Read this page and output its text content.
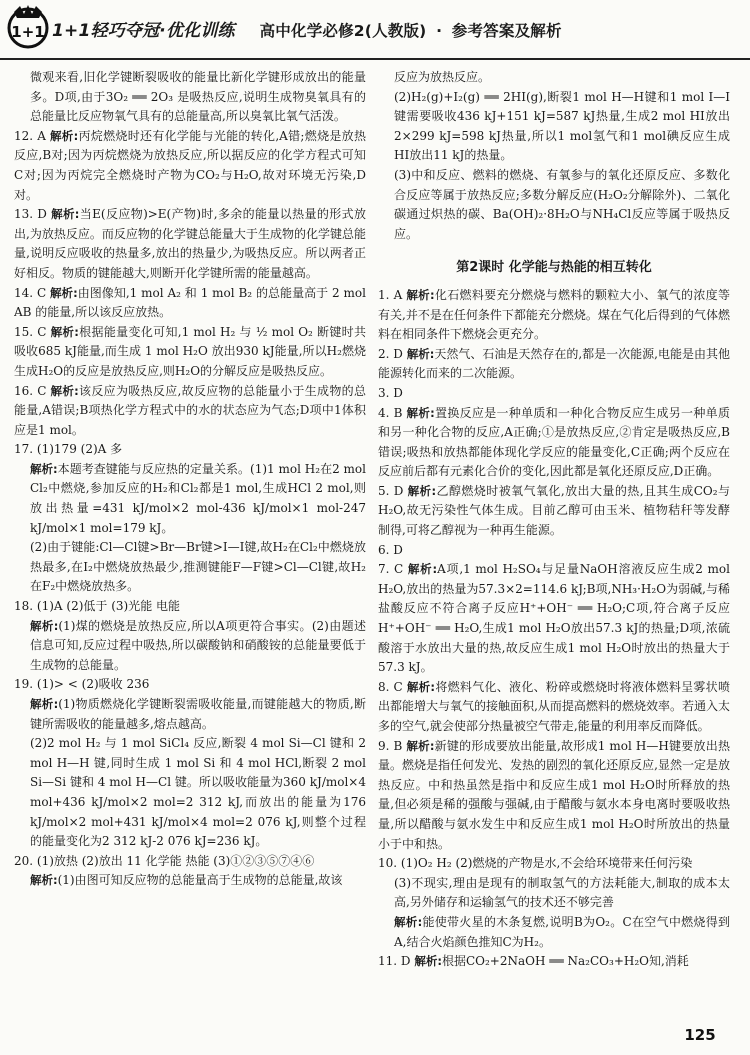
1+1 1+1轻巧夺冠·优化训练 高中化学必修2(人教版) · 参考答案及解析

微观来看,旧化学键断裂吸收的能量比新化学键形成放出的能量多。D项,由于3O₂ ══ 2O₃ 是吸热反应,说明生成物臭氧具有的总能量比反应物氧气具有的总能量高,所以臭氧比氧气活泼。

12. A 解析:丙烷燃烧时还有化学能与光能的转化,A错;燃烧是放热反应,B对;因为丙烷燃烧为放热反应,所以据反应的化学方程式可知C对;因为丙烷完全燃烧时产物为CO₂与H₂O,故对环境无污染,D对。

13. D 解析:当E(反应物)>E(产物)时,多余的能量以热量的形式放出,为放热反应。而反应物的化学键总能量大于生成物的化学键总能量,说明反应吸收的热量多,放出的热量少,为吸热反应。所以两者正好相反。物质的键能越大,则断开化学键所需的能量越高。

14. C 解析:由图像知,1 mol A₂ 和 1 mol B₂ 的总能量高于 2 mol AB 的能量,所以该反应放热。

15. C 解析:根据能量变化可知,1 mol H₂ 与 ½ mol O₂ 断键时共吸收685 kJ能量,而生成 1 mol H₂O 放出930 kJ能量,所以H₂燃烧生成H₂O的反应是放热反应,则H₂O的分解反应是吸热反应。

16. C 解析:该反应为吸热反应,故反应物的总能量小于生成物的总能量,A错误;B项热化学方程式中的水的状态应为气态;D项中1体积应是1 mol。

17. (1)179 (2)A 多

解析:本题考查键能与反应热的定量关系。(1)1 mol H₂在2 mol Cl₂中燃烧,参加反应的H₂和Cl₂都是1 mol,生成HCl 2 mol,则放出热量=431 kJ/mol×2 mol-436 kJ/mol×1 mol-247 kJ/mol×1 mol=179 kJ。

(2)由于键能:Cl—Cl键>Br—Br键>I—I键,故H₂在Cl₂中燃烧放热最多,在I₂中燃烧放热最少,推测键能F—F键>Cl—Cl键,故H₂在F₂中燃烧放热多。

18. (1)A (2)低于 (3)光能 电能

解析:(1)煤的燃烧是放热反应,所以A项更符合事实。(2)由题述信息可知,反应过程中吸热,所以碳酸钠和硝酸铵的总能量要低于生成物的总能量。

19. (1)> < (2)吸收 236

解析:(1)物质燃烧化学键断裂需吸收能量,而键能越大的物质,断键所需吸收的能量越多,熔点越高。

(2)2 mol H₂ 与 1 mol SiCl₄ 反应,断裂 4 mol Si—Cl 键和 2 mol H—H 键,同时生成 1 mol Si 和 4 mol HCl,断裂 2 mol Si—Si 键和 4 mol H—Cl 键。所以吸收能量为360 kJ/mol×4 mol+436 kJ/mol×2 mol=2 312 kJ,而放出的能量为176 kJ/mol×2 mol+431 kJ/mol×4 mol=2 076 kJ,则整个过程的能量变化为2 312 kJ-2 076 kJ=236 kJ。

20. (1)放热 (2)放出 11 化学能 热能 (3)①②③⑤⑦④⑥

解析:(1)由图可知反应物的总能量高于生成物的总能量,故该

反应为放热反应。

(2)H₂(g)+I₂(g) ══ 2HI(g),断裂1 mol H—H键和1 mol I—I键需要吸收436 kJ+151 kJ=587 kJ热量,生成2 mol HI放出2×299 kJ=598 kJ热量,所以1 mol氢气和1 mol碘反应生成HI放出11 kJ的热量。

(3)中和反应、燃料的燃烧、有氧参与的氧化还原反应、多数化合反应等属于放热反应;多数分解反应(H₂O₂分解除外)、二氧化碳通过炽热的碳、Ba(OH)₂·8H₂O与NH₄Cl反应等属于吸热反应。

第2课时 化学能与热能的相互转化

1. A 解析:化石燃料要充分燃烧与燃料的颗粒大小、氧气的浓度等有关,并不是在任何条件下都能充分燃烧。煤在气化后得到的气体燃料在相同条件下燃烧会更充分。

2. D 解析:天然气、石油是天然存在的,都是一次能源,电能是由其他能源转化而来的二次能源。

3. D

4. B 解析:置换反应是一种单质和一种化合物反应生成另一种单质和另一种化合物的反应,A正确;①是放热反应,②肯定是吸热反应,B错误;吸热和放热都能体现化学反应的能量变化,C正确;两个反应在反应前后都有元素化合价的变化,因此都是氧化还原反应,D正确。

5. D 解析:乙醇燃烧时被氧气氧化,放出大量的热,且其生成CO₂与H₂O,故无污染性气体生成。目前乙醇可由玉米、植物秸秆等发酵制得,可将乙醇视为一种再生能源。

6. D

7. C 解析:A项,1 mol H₂SO₄与足量NaOH溶液反应生成2 mol H₂O,放出的热量为57.3×2=114.6 kJ;B项,NH₃·H₂O为弱碱,与稀盐酸反应不符合离子反应H⁺+OH⁻ ══ H₂O;C项,符合离子反应H⁺+OH⁻ ══ H₂O,生成1 mol H₂O放出57.3 kJ的热量;D项,浓硫酸溶于水放出大量的热,故反应生成1 mol H₂O时放出的热量大于57.3 kJ。

8. C 解析:将燃料气化、液化、粉碎或燃烧时将液体燃料呈雾状喷出都能增大与氧气的接触面积,从而提高燃料的燃烧效率。若通入太多的空气,就会使部分热量被空气带走,能量的利用率反而降低。

9. B 解析:新键的形成要放出能量,故形成1 mol H—H键要放出热量。燃烧是指任何发光、发热的剧烈的氧化还原反应,显然一定是放热反应。中和热虽然是指中和反应生成1 mol H₂O时所释放的热量,但必须是稀的强酸与强碱,由于醋酸与氨水本身电离时要吸收热量,所以醋酸与氨水发生中和反应生成1 mol H₂O时所放出的热量小于中和热。

10. (1)O₂ H₂ (2)燃烧的产物是水,不会给环境带来任何污染

(3)不现实,理由是现有的制取氢气的方法耗能大,制取的成本太高,另外储存和运输氢气的技术还不够完善

解析:能使带火星的木条复燃,说明B为O₂。C在空气中燃烧得到A,结合火焰颜色推知C为H₂。

11. D 解析:根据CO₂+2NaOH ══ Na₂CO₃+H₂O知,消耗

125
